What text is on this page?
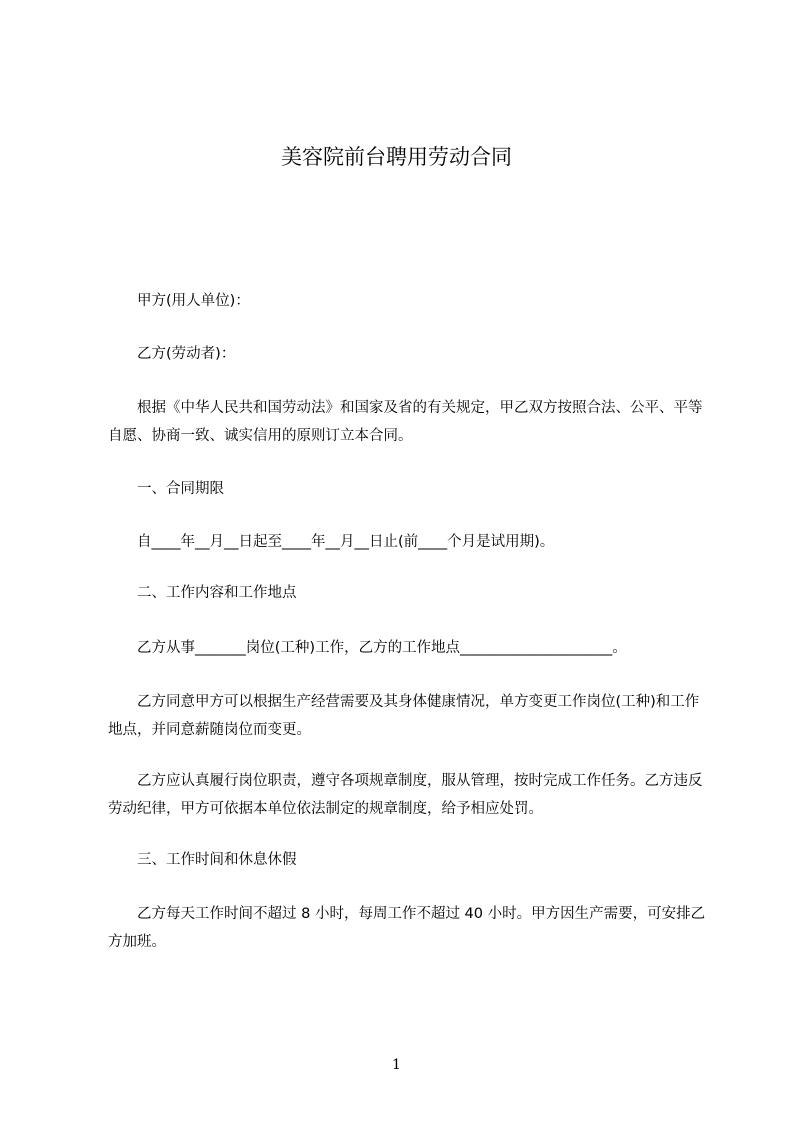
美容院前台聘用劳动合同
　　甲方(用人单位)：
　　乙方(劳动者)：
　　根据《中华人民共和国劳动法》和国家及省的有关规定，甲乙双方按照合法、公平、平等自愿、协商一致、诚实信用的原则订立本合同。
　　一、合同期限
　　自____年__月__日起至____年__月__日止(前____个月是试用期)。
　　二、工作内容和工作地点
　　乙方从事_______岗位(工种)工作，乙方的工作地点_____________________。
　　乙方同意甲方可以根据生产经营需要及其身体健康情况，单方变更工作岗位(工种)和工作地点，并同意薪随岗位而变更。
　　乙方应认真履行岗位职责，遵守各项规章制度，服从管理，按时完成工作任务。乙方违反劳动纪律，甲方可依据本单位依法制定的规章制度，给予相应处罚。
　　三、工作时间和休息休假
　　乙方每天工作时间不超过 8 小时，每周工作不超过 40 小时。甲方因生产需要，可安排乙方加班。
1
